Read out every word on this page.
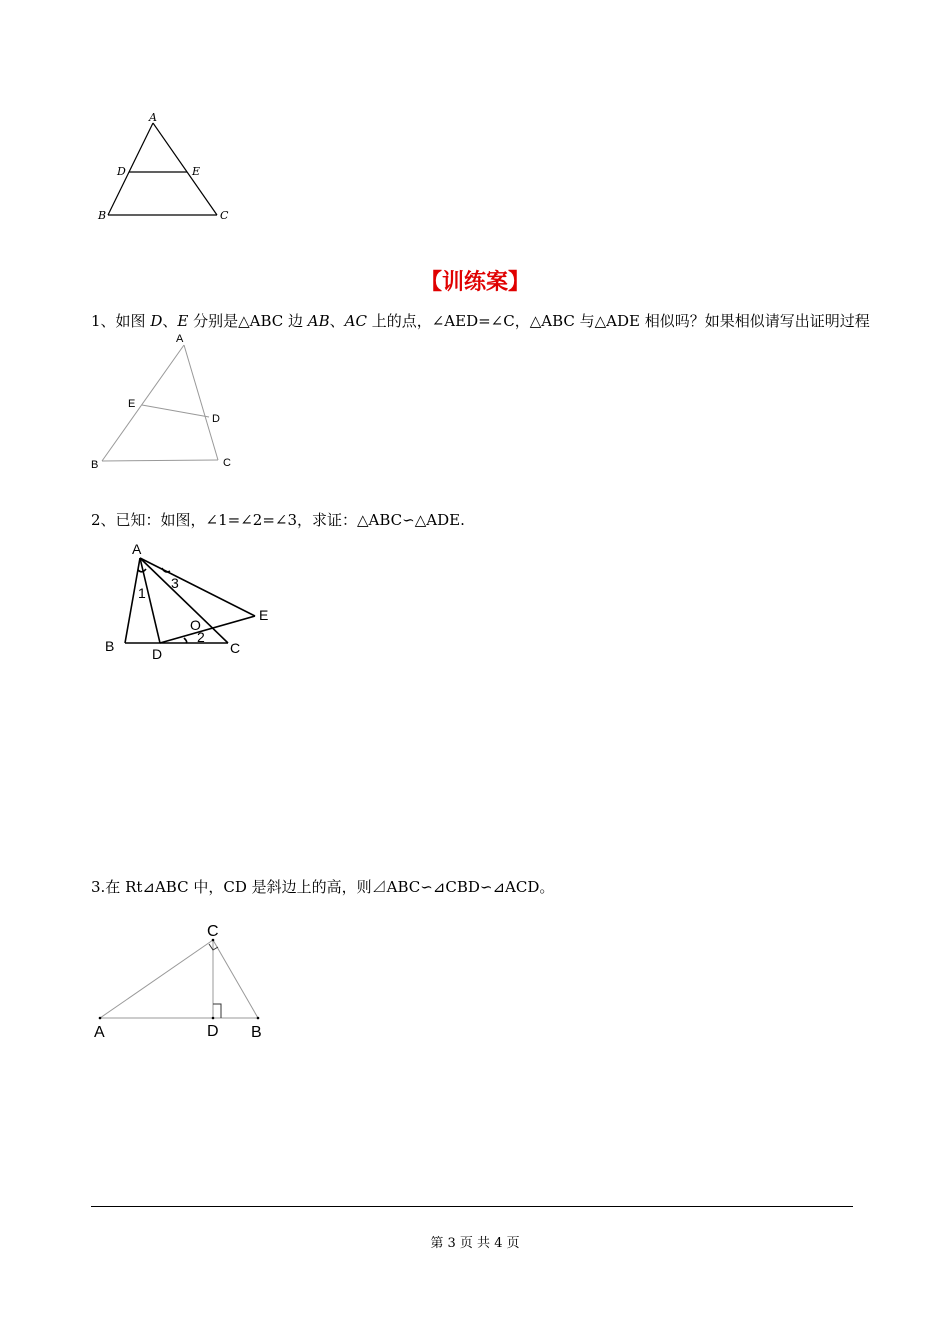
A
D	E
B	C
【训练案】
1、如图 D、E 分别是△ABC 边 AB、AC 上的点，∠AED=∠C，△ABC 与△ADE 相似吗？如果相似请写出证明过程
A
E
D
B	C
2、已知：如图，∠1=∠2=∠3，求证：△ABC∽△ADE.
A
B	D	C
E
O
1
2
3
3.在 Rt⊿ABC 中，CD 是斜边上的高，则⊿ABC∽⊿CBD∽⊿ACD。
C
A	D B
第 3 页 共 4 页
